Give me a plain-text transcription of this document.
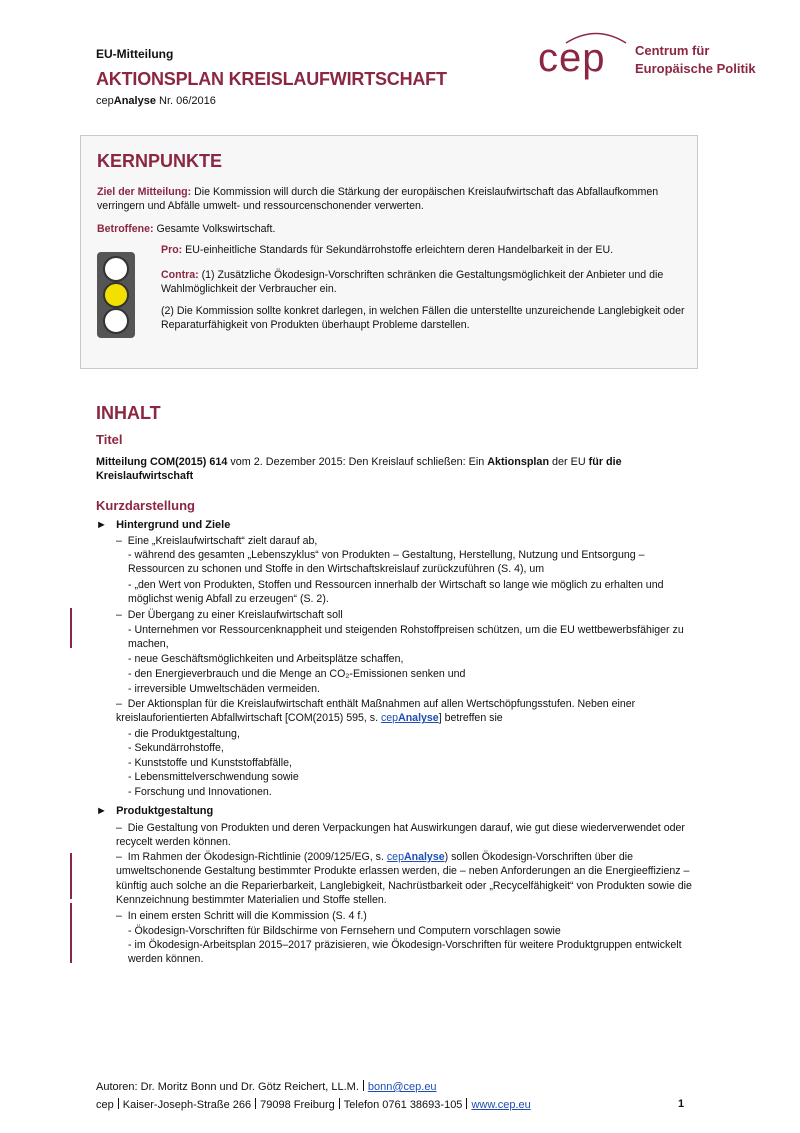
EU-Mitteilung
AKTIONSPLAN KREISLAUFWIRTSCHAFT
cepAnalyse Nr. 06/2016
cep Centrum für
Europäische Politik
KERNPUNKTE
Ziel der Mitteilung: Die Kommission will durch die Stärkung der europäischen Kreislaufwirtschaft das Abfallaufkommen verringern und Abfälle umwelt- und ressourcenschonender verwerten.
Betroffene: Gesamte Volkswirtschaft.
Pro: EU-einheitliche Standards für Sekundärrohstoffe erleichtern deren Handelbarkeit in der EU.
Contra: (1) Zusätzliche Ökodesign-Vorschriften schränken die Gestaltungsmöglichkeit der Anbieter und die Wahlmöglichkeit der Verbraucher ein.
(2) Die Kommission sollte konkret darlegen, in welchen Fällen die unterstellte unzureichende Langlebigkeit oder Reparaturfähigkeit von Produkten überhaupt Probleme darstellen.
INHALT
Titel
Mitteilung COM(2015) 614 vom 2. Dezember 2015: Den Kreislauf schließen: Ein Aktionsplan der EU für die Kreislaufwirtschaft
Kurzdarstellung
► Hintergrund und Ziele
–  Eine „Kreislaufwirtschaft“ zielt darauf ab,
- während des gesamten „Lebenszyklus“ von Produkten – Gestaltung, Herstellung, Nutzung und Entsorgung – Ressourcen zu schonen und Stoffe in den Wirtschaftskreislauf zurückzuführen (S. 4), um
- „den Wert von Produkten, Stoffen und Ressourcen innerhalb der Wirtschaft so lange wie möglich zu erhalten und möglichst wenig Abfall zu erzeugen“ (S. 2).
–  Der Übergang zu einer Kreislaufwirtschaft soll
- Unternehmen vor Ressourcenknappheit und steigenden Rohstoffpreisen schützen, um die EU wettbewerbsfähiger zu machen,
- neue Geschäftsmöglichkeiten und Arbeitsplätze schaffen,
- den Energieverbrauch und die Menge an CO₂-Emissionen senken und
- irreversible Umweltschäden vermeiden.
–  Der Aktionsplan für die Kreislaufwirtschaft enthält Maßnahmen auf allen Wertschöpfungsstufen. Neben einer kreislauforientierten Abfallwirtschaft [COM(2015) 595, s. cepAnalyse] betreffen sie
- die Produktgestaltung,
- Sekundärrohstoffe,
- Kunststoffe und Kunststoffabfälle,
- Lebensmittelverschwendung sowie
- Forschung und Innovationen.
► Produktgestaltung
–  Die Gestaltung von Produkten und deren Verpackungen hat Auswirkungen darauf, wie gut diese wiederverwendet oder recycelt werden können.
–  Im Rahmen der Ökodesign-Richtlinie (2009/125/EG, s. cepAnalyse) sollen Ökodesign-Vorschriften über die umweltschonende Gestaltung bestimmter Produkte erlassen werden, die – neben Anforderungen an die Energieeffizienz – künftig auch solche an die Reparierbarkeit, Langlebigkeit, Nachrüstbarkeit oder „Recycelfähigkeit“ von Produkten sowie die Kennzeichnung bestimmter Materialien und Stoffe stellen.
–  In einem ersten Schritt will die Kommission (S. 4 f.)
- Ökodesign-Vorschriften für Bildschirme von Fernsehern und Computern vorschlagen sowie
- im Ökodesign-Arbeitsplan 2015–2017 präzisieren, wie Ökodesign-Vorschriften für weitere Produktgruppen entwickelt werden können.
Autoren: Dr. Moritz Bonn und Dr. Götz Reichert, LL.M. bonn@cep.eu
cep Kaiser-Joseph-Straße 266 79098 Freiburg Telefon 0761 38693-105 www.cep.eu	1
